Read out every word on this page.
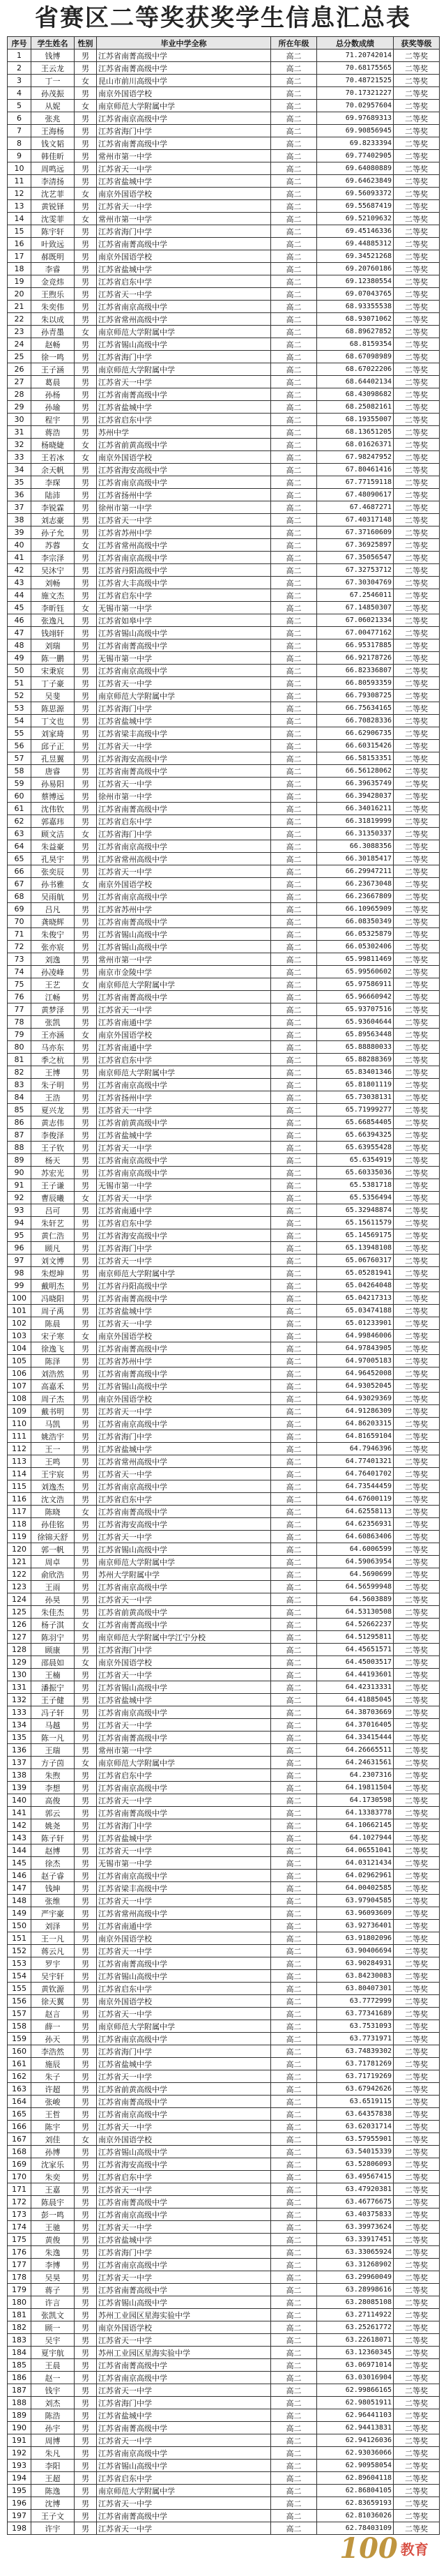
省赛区二等奖获奖学生信息汇总表
序号	学生姓名	性别	毕业中学全称	所在年级	总分数成绩	获奖等级
1	钱博	男	江苏省南菁高级中学	高二	71.20742014	二等奖
2	王云龙	男	江苏省南菁高级中学	高二	70.68175565	二等奖
3	丁一	女	昆山市前川高级中学	高二	70.48721525	二等奖
4	孙茂振	男	南京外国语学校	高二	70.17321227	二等奖
5	从妮	女	南京师范大学附属中学	高二	70.02957604	二等奖
6	张兆	男	江苏省南京高级中学	高二	69.97689313	二等奖
7	王海杨	男	江苏省海门中学	高二	69.90856945	二等奖
8	钱文韬	男	江苏省南菁高级中学	高二	69.8233394	二等奖
9	韩佳昕	男	常州市第一中学	高二	69.77402905	二等奖
10	周鸣远	男	江苏省天一中学	高二	69.64080889	二等奖
11	李清扬	男	江苏省盐城中学	高二	69.64623849	二等奖
12	沈艺菲	女	南京外国语学校	高二	69.56093372	二等奖
13	黄锐铎	男	江苏省天一中学	高二	69.55687419	二等奖
14	沈雯菲	女	常州市第一中学	高二	69.52109632	二等奖
15	陈宇轩	男	江苏省海门中学	高二	69.45146336	二等奖
16	叶致远	男	江苏省南菁高级中学	高二	69.44885312	二等奖
17	郝既明	男	南京外国语学校	高二	69.34521268	二等奖
18	李睿	男	江苏省盐城中学	高二	69.20760186	二等奖
19	金竞炜	男	江苏省启东中学	高二	69.12380554	二等奖
20	王煦乐	男	江苏省天一中学	高二	69.07043765	二等奖
21	朱奕伟	男	江苏省南京高级中学	高二	68.93355538	二等奖
22	朱以成	男	江苏省常州高级中学	高二	68.93071062	二等奖
23	孙青墨	女	南京师范大学附属中学	高二	68.89627852	二等奖
24	赵畅	男	江苏省锡山高级中学	高二	68.8159354	二等奖
25	徐一鸣	男	江苏省海门中学	高二	68.67098989	二等奖
26	王子涵	男	南京师范大学附属中学	高二	68.67022206	二等奖
27	葛晨	男	江苏省天一中学	高二	68.64402134	二等奖
28	孙杨	男	江苏省南菁高级中学	高二	68.43098682	二等奖
29	孙瑜	男	江苏省盐城中学	高二	68.25082161	二等奖
30	程宇	男	江苏省启东中学	高二	68.19355007	二等奖
31	蒋浩	男	苏州中学	高二	68.13651205	二等奖
32	杨晓婕	女	江苏省前黄高级中学	高二	68.01626371	二等奖
33	王若冰	女	南京外国语学校	高二	67.98247952	二等奖
34	余天帆	男	江苏省海安高级中学	高二	67.80461416	二等奖
35	李琛	男	江苏省南京高级中学	高二	67.77159118	二等奖
36	陆沛	男	江苏省扬州中学	高二	67.48090617	二等奖
37	李锐霖	男	徐州市第一中学	高二	67.4687271	二等奖
38	刘志豪	男	江苏省天一中学	高二	67.40317148	二等奖
39	孙子允	男	江苏省苏州中学	高二	67.37160609	二等奖
40	苏蓉	女	江苏省常州高级中学	高二	67.36925897	二等奖
41	李宗泽	男	江苏省南京高级中学	高二	67.35056547	二等奖
42	吴沐宁	男	江苏省丹阳高级中学	高二	67.32753712	二等奖
43	刘畅	男	江苏省大丰高级中学	高二	67.30304769	二等奖
44	施文杰	男	江苏省启东中学	高二	67.2546011	二等奖
45	李昕钰	女	无锡市第一中学	高二	67.14850307	二等奖
46	张逸凡	男	江苏省如皋中学	高二	67.06021334	二等奖
47	钱翊轩	男	江苏省锡山高级中学	高二	67.00477162	二等奖
48	刘瑞	男	江苏省南菁高级中学	高二	66.95317885	二等奖
49	陈一鹏	男	无锡市第一中学	高二	66.92178726	二等奖
50	宋秉宸	男	江苏省南京高级中学	高二	66.82336807	二等奖
51	丁子豪	男	江苏省天一中学	高二	66.80593359	二等奖
52	吴斐	男	南京师范大学附属中学	高二	66.79308725	二等奖
53	陈思源	男	江苏省海门中学	高二	66.75634165	二等奖
54	丁文也	男	江苏省盐城中学	高二	66.70828336	二等奖
55	刘家琦	男	江苏省梁丰高级中学	高二	66.62906735	二等奖
56	邱子正	男	江苏省天一中学	高二	66.60315426	二等奖
57	孔昱翼	男	江苏省海安高级中学	高二	66.58153351	二等奖
58	唐睿	男	江苏省南菁高级中学	高二	66.56128062	二等奖
59	孙易阳	男	江苏省天一中学	高二	66.39635749	二等奖
60	蔡博远	男	徐州市第一中学	高二	66.39428037	二等奖
61	沈伟钦	男	江苏省南菁高级中学	高二	66.34016211	二等奖
62	郭嘉玮	男	江苏省启东中学	高二	66.31819999	二等奖
63	顾文洁	女	江苏省海门中学	高二	66.31350337	二等奖
64	朱益豪	男	江苏省南京高级中学	高二	66.3088356	二等奖
65	孔昊宇	男	江苏省常州高级中学	高二	66.30185417	二等奖
66	张奕辰	男	江苏省天一中学	高二	66.29947211	二等奖
67	孙书雅	女	南京外国语学校	高二	66.23673048	二等奖
68	吴雨航	男	江苏省南京高级中学	高二	66.23667809	二等奖
69	吕凡	男	江苏省苏州中学	高二	66.10965909	二等奖
70	龚晓辉	男	江苏省南菁高级中学	高二	66.08350349	二等奖
71	朱俊宁	男	江苏省锡山高级中学	高二	66.05325879	二等奖
72	张亦宸	男	江苏省锡山高级中学	高二	66.05302406	二等奖
73	刘逸	男	常州市第一中学	高二	65.99811469	二等奖
74	孙凌峰	男	南京市金陵中学	高二	65.99560602	二等奖
75	王艺	女	南京师范大学附属中学	高二	65.97586911	二等奖
76	江畅	男	江苏省南菁高级中学	高二	65.96660942	二等奖
77	黄梦泽	男	江苏省天一中学	高二	65.93707516	二等奖
78	张凯	男	江苏省南通中学	高二	65.93604644	二等奖
79	王亦涵	女	南京外国语学校	高二	65.89563448	二等奖
80	马亦东	男	江苏省南通中学	高二	65.88880033	二等奖
81	季之杭	男	江苏省启东中学	高二	65.88288369	二等奖
82	王博	男	南京师范大学附属中学	高二	65.83401346	二等奖
83	朱子明	男	江苏省南京高级中学	高二	65.81801119	二等奖
84	王浩	男	江苏省扬州中学	高二	65.73038131	二等奖
85	夏兴龙	男	江苏省天一中学	高二	65.71999277	二等奖
86	黄志伟	男	江苏省前黄高级中学	高二	65.66854405	二等奖
87	李俊泽	男	江苏省盐城中学	高二	65.66394325	二等奖
88	王子钦	男	江苏省天一中学	高二	65.63955428	二等奖
89	杨天	男	江苏省南京高级中学	高二	65.6354919	二等奖
90	苏宏光	男	江苏省南京高级中学	高二	65.60335036	二等奖
91	王子谦	男	无锡市第一中学	高二	65.5381718	二等奖
92	曹辰曦	女	江苏省天一中学	高二	65.5356494	二等奖
93	吕可	男	江苏省南通中学	高二	65.32948874	二等奖
94	朱轩艺	男	江苏省启东中学	高二	65.15611579	二等奖
95	黄仁浩	男	江苏省海安高级中学	高二	65.14569175	二等奖
96	顾凡	男	江苏省海门中学	高二	65.13948108	二等奖
97	刘文博	男	江苏省天一中学	高二	65.06760317	二等奖
98	朱煜坤	男	南京师范大学附属中学	高二	65.05281941	二等奖
99	戴明杰	男	江苏省丹阳高级中学	高二	65.04264048	二等奖
100	冯晓阳	男	江苏省南菁高级中学	高二	65.04217313	二等奖
101	周子禹	男	江苏省盐城中学	高二	65.03474188	二等奖
102	陈晨	男	江苏省天一中学	高二	65.01233901	二等奖
103	宋子寒	女	南京外国语学校	高二	64.99846006	二等奖
104	徐逸飞	男	江苏省南菁高级中学	高二	64.97843905	二等奖
105	陈泽	男	江苏省苏州中学	高二	64.97005183	二等奖
106	刘浩然	男	江苏省南菁高级中学	高二	64.96452008	二等奖
107	高嘉禾	男	江苏省锡山高级中学	高二	64.93052045	二等奖
108	周子杰	男	南京外国语学校	高二	64.93029369	二等奖
109	戴书明	男	江苏省天一中学	高二	64.91286309	二等奖
110	马凯	男	江苏省南京高级中学	高二	64.86203315	二等奖
111	姚浩宇	男	江苏省海门中学	高二	64.81659104	二等奖
112	王一	男	江苏省盐城中学	高二	64.7946396	二等奖
113	王鸣	男	江苏省常州高级中学	高二	64.77401321	二等奖
114	王宇宸	男	江苏省天一中学	高二	64.76401702	二等奖
115	刘逸杰	男	江苏省南京高级中学	高二	64.73544459	二等奖
116	沈文浩	男	江苏省启东中学	高二	64.67600119	二等奖
117	陈晓	女	江苏省南菁高级中学	高二	64.62558113	二等奖
118	孙佳铭	男	江苏省海安高级中学	高二	64.62356931	二等奖
119	徐锦天舒	男	江苏省天一中学	高二	64.60863406	二等奖
120	郭一帆	男	江苏省锡山高级中学	高二	64.6006599	二等奖
121	周卓	男	南京师范大学附属中学	高二	64.59063954	二等奖
122	俞欣浩	男	苏州大学附属中学	高二	64.5690699	二等奖
123	王雨	男	江苏省南京高级中学	高二	64.56599948	二等奖
124	孙昊	男	江苏省天一中学	高二	64.5603889	二等奖
125	朱佳杰	男	江苏省前黄高级中学	高二	64.53130508	二等奖
126	杨子淇	女	江苏省南菁高级中学	高二	64.52662237	二等奖
127	陈羽宁	男	南京师范大学附属中学江宁分校	高二	64.51295811	二等奖
128	顾康	男	江苏省海门中学	高二	64.45651571	二等奖
129	邵晨如	女	南京外国语学校	高二	64.45003517	二等奖
130	王楠	男	江苏省天一中学	高二	64.44193601	二等奖
131	潘振宁	男	江苏省锡山高级中学	高二	64.42313331	二等奖
132	王子健	男	江苏省盐城中学	高二	64.41885045	二等奖
133	冯子轩	男	江苏省南京高级中学	高二	64.38703669	二等奖
134	马越	男	江苏省天一中学	高二	64.37016405	二等奖
135	陈一凡	男	江苏省南菁高级中学	高二	64.33415444	二等奖
136	王瑞	男	常州市第一中学	高二	64.26665511	二等奖
137	方子茵	女	南京师范大学附属中学	高二	64.24631561	二等奖
138	朱煦	男	江苏省启东中学	高二	64.2307316	二等奖
139	李想	男	江苏省南京高级中学	高二	64.19811504	二等奖
140	高俊	男	江苏省天一中学	高二	64.1730598	二等奖
141	郭云	男	江苏省南菁高级中学	高二	64.13383778	二等奖
142	姚尧	男	江苏省海门中学	高二	64.10662145	二等奖
143	陈子轩	男	江苏省盐城中学	高二	64.1027944	二等奖
144	赵博	男	江苏省天一中学	高二	64.06551041	二等奖
145	徐杰	男	无锡市第一中学	高二	64.03121434	二等奖
146	赵子睿	男	江苏省南京高级中学	高二	64.02962961	二等奖
147	钱坤	男	江苏省梁丰高级中学	高二	64.00402585	二等奖
148	张维	男	江苏省天一中学	高二	63.97904585	二等奖
149	严宇豪	男	江苏省常州高级中学	高二	63.96093609	二等奖
150	刘泽	男	江苏省南通中学	高二	63.92736401	二等奖
151	王一凡	男	南京外国语学校	高二	63.91802096	二等奖
152	蒋云凡	男	江苏省天一中学	高二	63.90406694	二等奖
153	罗宇	男	江苏省南菁高级中学	高二	63.90284931	二等奖
154	吴宇轩	男	江苏省锡山高级中学	高二	63.84230083	二等奖
155	黄钦源	男	江苏省启东中学	高二	63.80407301	二等奖
156	徐天翼	男	南京外国语学校	高二	63.7772999	二等奖
157	赵言	男	江苏省天一中学	高二	63.77341689	二等奖
158	薛一	男	南京师范大学附属中学	高二	63.7531093	二等奖
159	孙天	男	江苏省南京高级中学	高二	63.7731971	二等奖
160	李浩然	男	江苏省海门中学	高二	63.74839302	二等奖
161	施辰	男	江苏省盐城中学	高二	63.71781269	二等奖
162	朱子	男	江苏省天一中学	高二	63.71719269	二等奖
163	许超	男	江苏省前黄高级中学	高二	63.67942626	二等奖
164	张峻	男	江苏省南菁高级中学	高二	63.6519115	二等奖
165	王哲	男	江苏省南京高级中学	高二	63.64357838	二等奖
166	陈宇	男	江苏省天一中学	高二	63.62031714	二等奖
167	刘佳	女	南京外国语学校	高二	63.57955901	二等奖
168	孙博	男	江苏省锡山高级中学	高二	63.54015339	二等奖
169	沈家乐	男	江苏省海安高级中学	高二	63.52806093	二等奖
170	朱奕	男	江苏省启东中学	高二	63.49567415	二等奖
171	王嘉	男	江苏省天一中学	高二	63.47920381	二等奖
172	陈晨宇	男	江苏省南菁高级中学	高二	63.46776675	二等奖
173	彭一鸣	男	江苏省南京高级中学	高二	63.40375833	二等奖
174	王驰	男	江苏省天一中学	高二	63.39973624	二等奖
175	黄俊	男	江苏省盐城中学	高二	63.33917451	二等奖
176	朱逸	男	江苏省海门中学	高二	63.33065924	二等奖
177	李博	男	江苏省南京高级中学	高二	63.31268902	二等奖
178	吴昊	男	江苏省天一中学	高二	63.29960049	二等奖
179	蒋子	男	江苏省南菁高级中学	高二	63.28998616	二等奖
180	许言	男	江苏省锡山高级中学	高二	63.28085108	二等奖
181	张凯文	男	苏州工业园区星海实验中学	高二	63.27114922	二等奖
182	顾一	男	南京外国语学校	高二	63.25261772	二等奖
183	吴宇	男	江苏省天一中学	高二	63.22618071	二等奖
184	夏宇航	男	苏州工业园区星海实验中学	高二	63.12360345	二等奖
185	王晨	男	江苏省南菁高级中学	高二	63.06971014	二等奖
186	赵一	男	江苏省南京高级中学	高二	63.03016904	二等奖
187	钱宇	男	江苏省天一中学	高二	62.99866165	二等奖
188	刘杰	男	江苏省海门中学	高二	62.98051911	二等奖
189	陈浩	男	江苏省盐城中学	高二	62.96441103	二等奖
190	孙宇	男	江苏省南菁高级中学	高二	62.94413831	二等奖
191	周博	男	江苏省天一中学	高二	62.94126036	二等奖
192	朱凡	男	江苏省南京高级中学	高二	62.93036066	二等奖
193	李阳	男	江苏省锡山高级中学	高二	62.90958054	二等奖
194	王超	男	江苏省启东中学	高二	62.89604118	二等奖
195	陈逸	男	南京师范大学附属中学	高二	62.86804105	二等奖
196	沈博	男	江苏省天一中学	高二	62.83659193	二等奖
197	王子文	男	江苏省南菁高级中学	高二	62.81036026	二等奖
198	许宇	男	江苏省天一中学	高二	62.78403109	二等奖
100 教育
